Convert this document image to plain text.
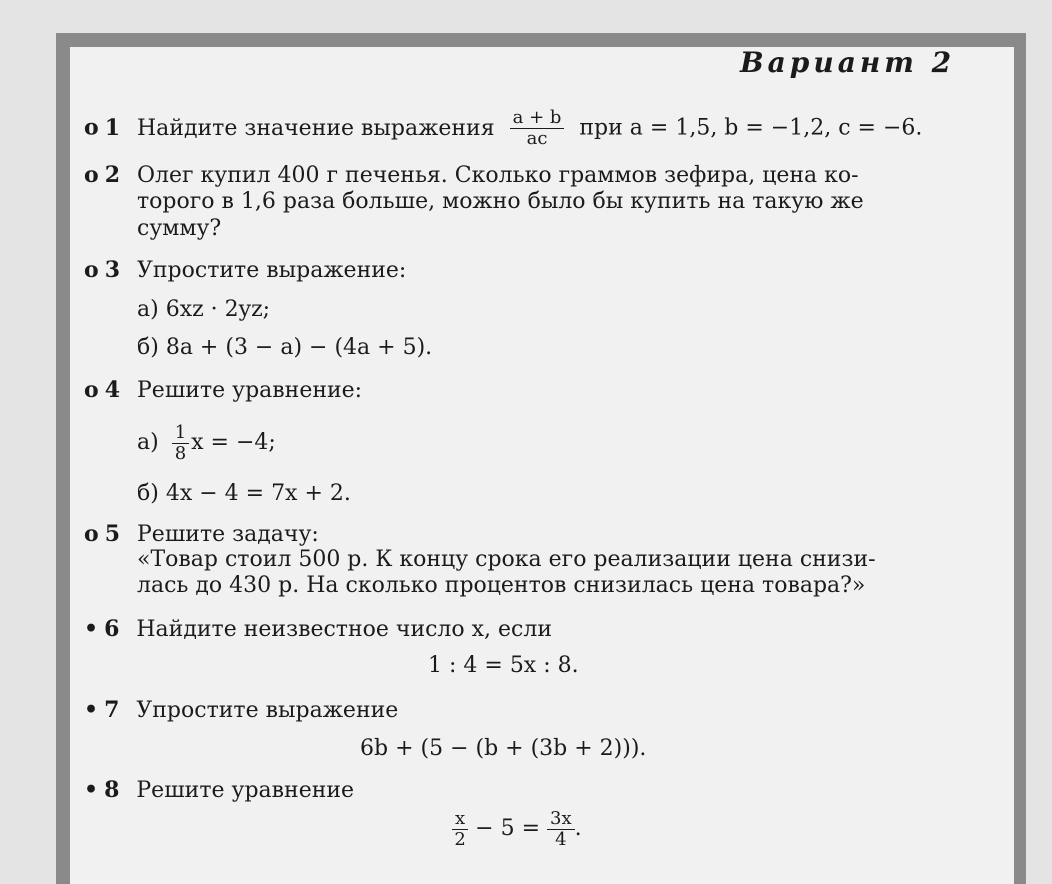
Вариант 2
o 1 Найдите значение выражения $\frac{a + b}{ac}$ при a = 1,5, b = −1,2, c = −6.
o 2 Олег купил 400 г печенья. Сколько граммов зефира, цена ко-
торого в 1,6 раза больше, можно было бы купить на такую же
сумму?
o 3 Упростите выражение:
а) 6xz · 2yz;
б) 8a + (3 − a) − (4a + 5).
o 4 Решите уравнение:
$а) \frac{1}{8}$ x = −4;
б) 4x − 4 = 7x + 2.
o 5 Решите задачу:
«Товар стоил 500 р. К концу срока его реализации цена снизи-
лась до 430 р. На сколько процентов снизилась цена товара?»
• 6 Найдите неизвестное число x, если
1 : 4 = 5x : 8.
• 7 Упростите выражение
6b + (5 − (b + (3b + 2))).
• 8 Решите уравнение
$\frac{x}{2} - 5 = \frac{3x}{4}$ .
